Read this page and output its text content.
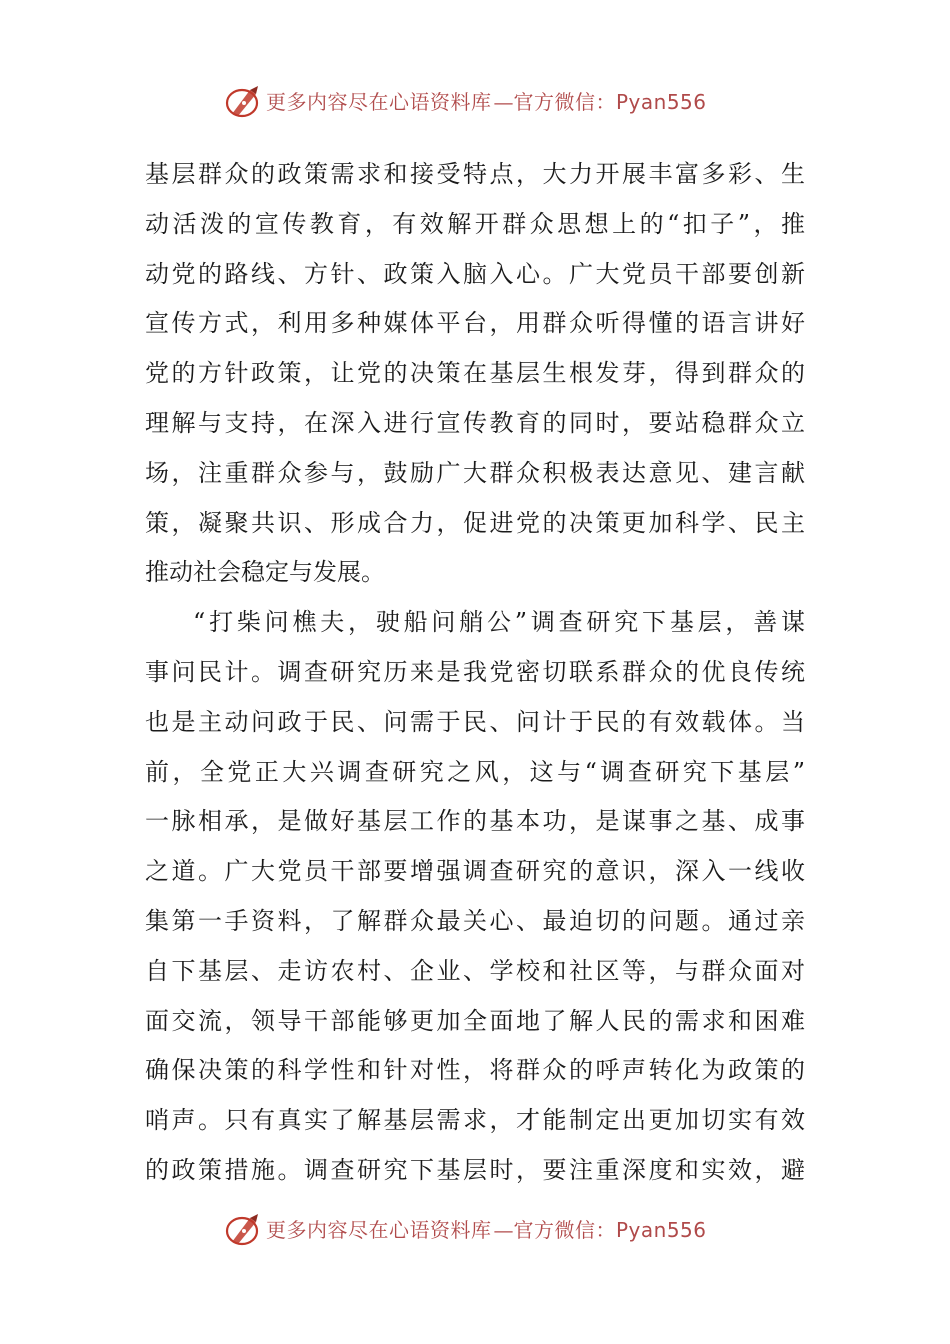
更多内容尽在心语资料库 — 官方微信：Pyan556
基层群众的政策需求和接受特点，大力开展丰富多彩、生
动活泼的宣传教育，有效解开群众思想上的“扣子”，推
动党的路线、方针、政策入脑入心。广大党员干部要创新
宣传方式，利用多种媒体平台，用群众听得懂的语言讲好
党的方针政策，让党的决策在基层生根发芽，得到群众的
理解与支持，在深入进行宣传教育的同时，要站稳群众立
场，注重群众参与，鼓励广大群众积极表达意见、建言献
策，凝聚共识、形成合力，促进党的决策更加科学、民主
推动社会稳定与发展。
“打柴问樵夫，驶船问艄公”调查研究下基层，善谋
事问民计。调查研究历来是我党密切联系群众的优良传统
也是主动问政于民、问需于民、问计于民的有效载体。当
前，全党正大兴调查研究之风，这与“调查研究下基层”
一脉相承，是做好基层工作的基本功，是谋事之基、成事
之道。广大党员干部要增强调查研究的意识，深入一线收
集第一手资料，了解群众最关心、最迫切的问题。通过亲
自下基层、走访农村、企业、学校和社区等，与群众面对
面交流，领导干部能够更加全面地了解人民的需求和困难
确保决策的科学性和针对性，将群众的呼声转化为政策的
哨声。只有真实了解基层需求，才能制定出更加切实有效
的政策措施。调查研究下基层时，要注重深度和实效，避
更多内容尽在心语资料库 — 官方微信：Pyan556
